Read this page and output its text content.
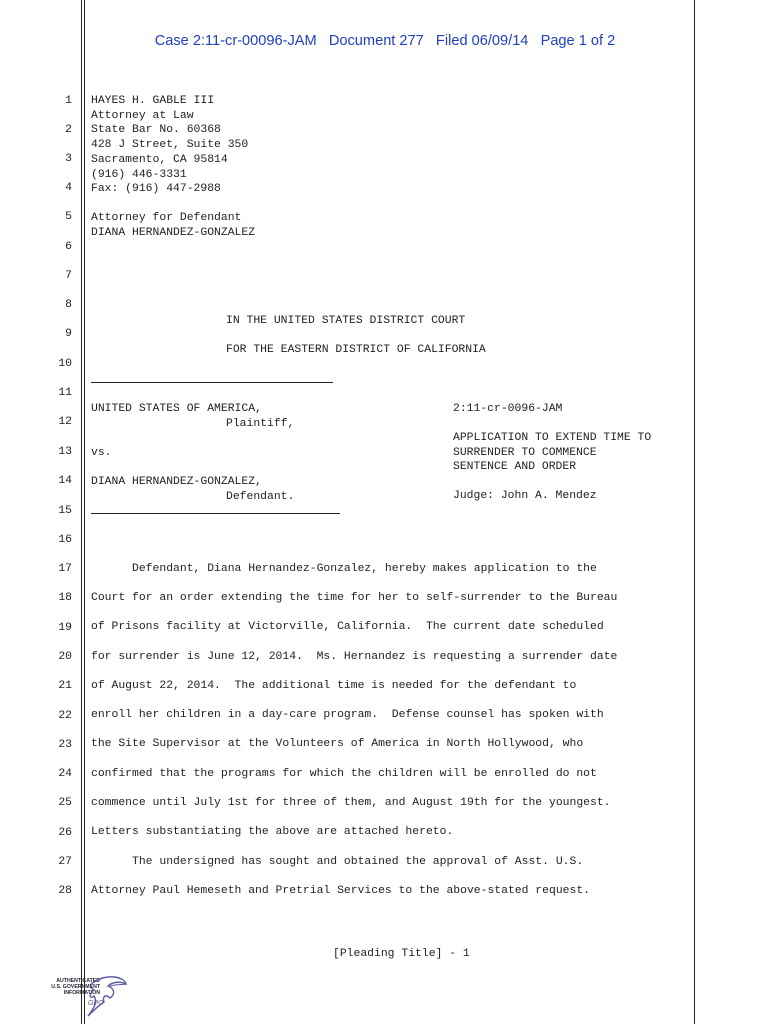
Case 2:11-cr-00096-JAM   Document 277   Filed 06/09/14   Page 1 of 2
1
2
3
4
5
6
7
8
9
10
11
12
13
14
15
16
17
18
19
20
21
22
23
24
25
26
27
28
HAYES H. GABLE III
Attorney at Law
State Bar No. 60368
428 J Street, Suite 350
Sacramento, CA 95814
(916) 446-3331
Fax: (916) 447-2988
Attorney for Defendant
DIANA HERNANDEZ-GONZALEZ
IN THE UNITED STATES DISTRICT COURT
FOR THE EASTERN DISTRICT OF CALIFORNIA
UNITED STATES OF AMERICA,
Plaintiff,
vs.
DIANA HERNANDEZ-GONZALEZ,
Defendant.
2:11-cr-0096-JAM
APPLICATION TO EXTEND TIME TO
SURRENDER TO COMMENCE
SENTENCE AND ORDER
Judge: John A. Mendez
Defendant, Diana Hernandez-Gonzalez, hereby makes application to the
Court for an order extending the time for her to self-surrender to the Bureau
of Prisons facility at Victorville, California.  The current date scheduled
for surrender is June 12, 2014.  Ms. Hernandez is requesting a surrender date
of August 22, 2014.  The additional time is needed for the defendant to
enroll her children in a day-care program.  Defense counsel has spoken with
the Site Supervisor at the Volunteers of America in North Hollywood, who
confirmed that the programs for which the children will be enrolled do not
commence until July 1st for three of them, and August 19th for the youngest.
Letters substantiating the above are attached hereto.
The undersigned has sought and obtained the approval of Asst. U.S.
Attorney Paul Hemeseth and Pretrial Services to the above-stated request.
[Pleading Title] - 1
AUTHENTICATED
U.S. GOVERNMENT
INFORMATION
GPO
